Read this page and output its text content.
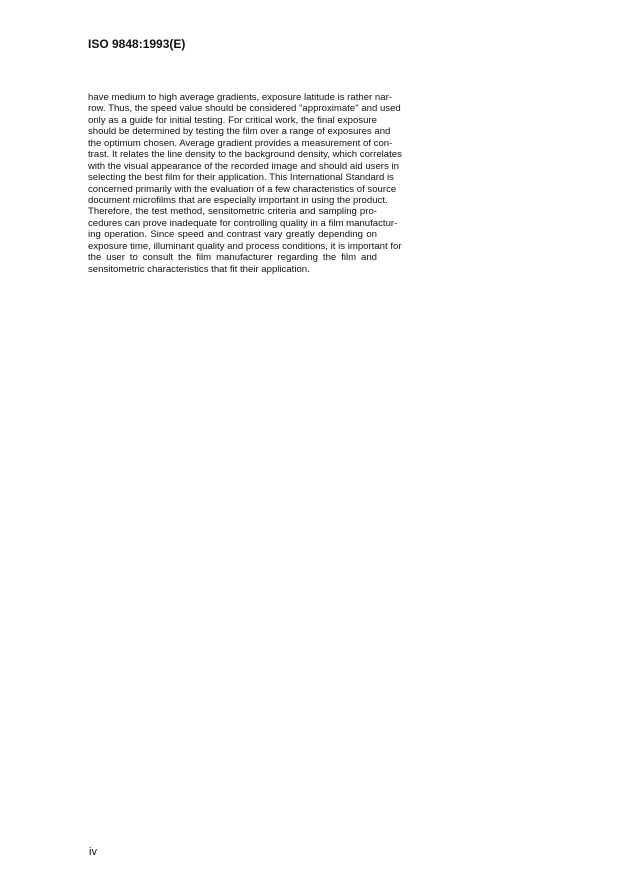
ISO 9848:1993(E)
have medium to high average gradients, exposure latitude is rather nar-
row. Thus, the speed value should be considered "approximate" and used
only as a guide for initial testing. For critical work, the final exposure
should be determined by testing the film over a range of exposures and
the optimum chosen. Average gradient provides a measurement of con-
trast. It relates the line density to the background density, which correlates
with the visual appearance of the recorded image and should aid users in
selecting the best film for their application. This International Standard is
concerned primarily with the evaluation of a few characteristics of source
document microfilms that are especially important in using the product.
Therefore, the test method, sensitometric criteria and sampling pro-
cedures can prove inadequate for controlling quality in a film manufactur-
ing operation. Since speed and contrast vary greatly depending on
exposure time, illuminant quality and process conditions, it is important for
the user to consult the film manufacturer regarding the film and
sensitometric characteristics that fit their application.
iv
